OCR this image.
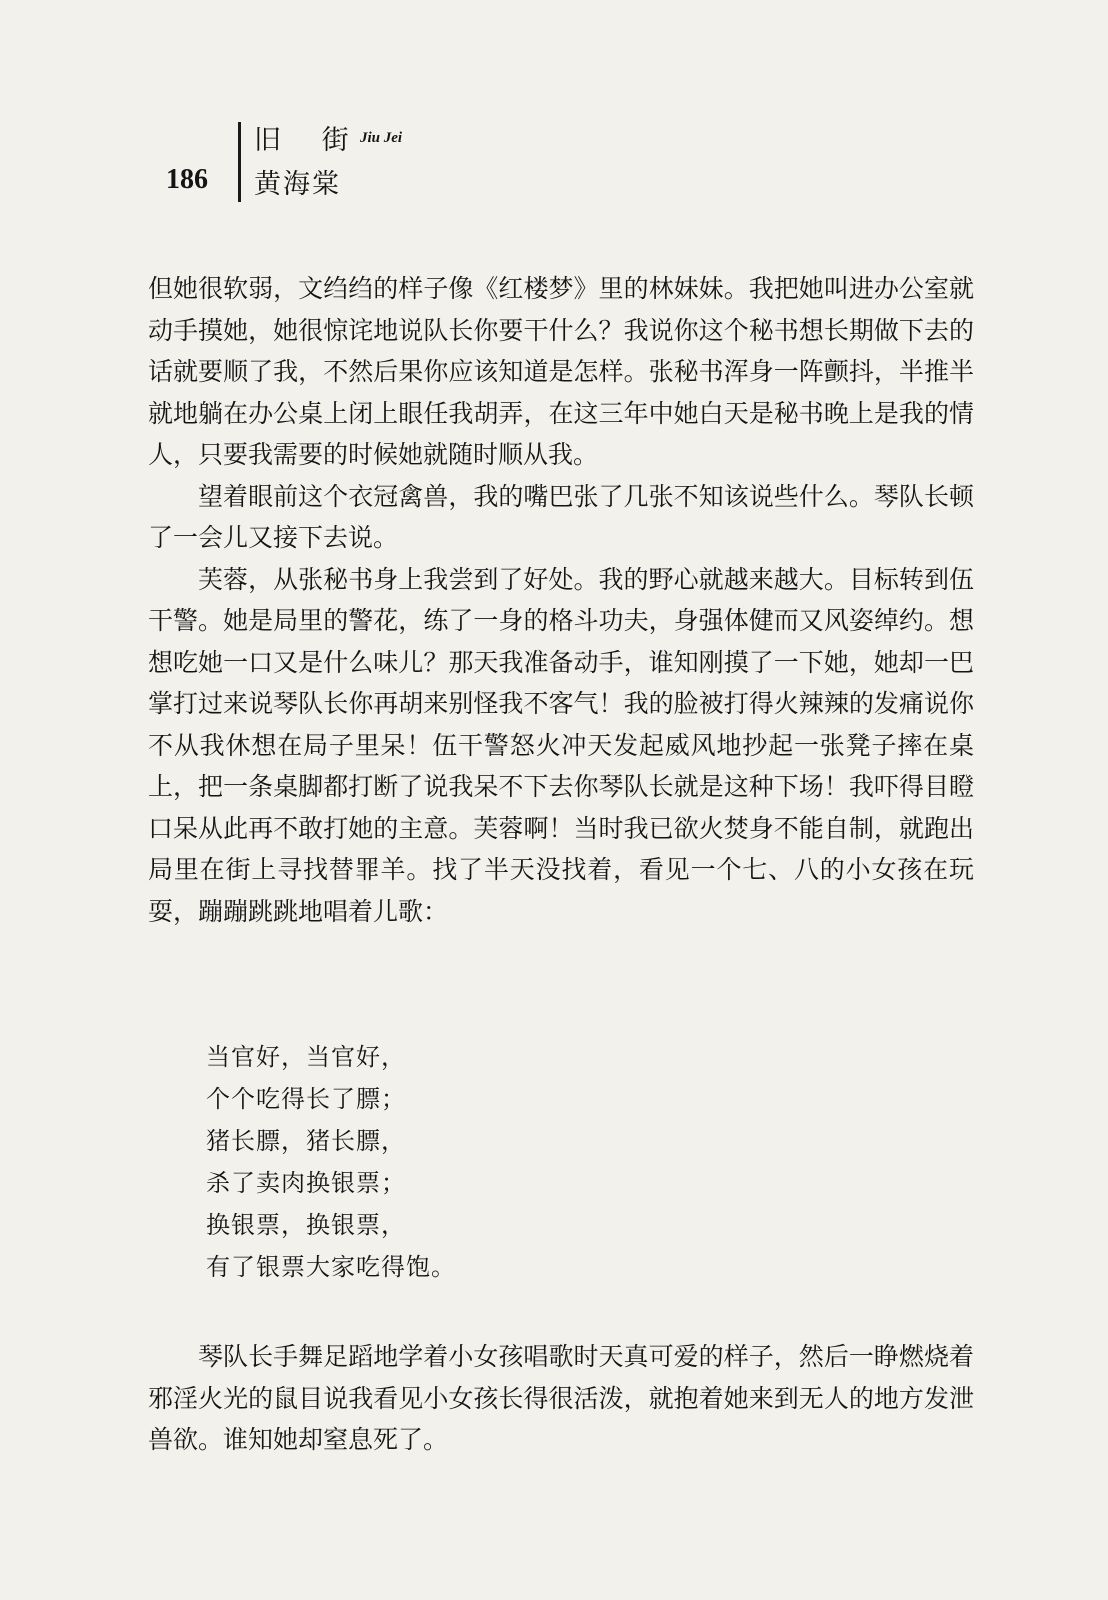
186
旧 街
Jiu Jei
黄海棠

但她很软弱，文绉绉的样子像《红楼梦》里的林妹妹。我把她叫进办公室就动手摸她，她很惊诧地说队长你要干什么？我说你这个秘书想长期做下去的话就要顺了我，不然后果你应该知道是怎样。张秘书浑身一阵颤抖，半推半就地躺在办公桌上闭上眼任我胡弄，在这三年中她白天是秘书晚上是我的情人，只要我需要的时候她就随时顺从我。

望着眼前这个衣冠禽兽，我的嘴巴张了几张不知该说些什么。琴队长顿了一会儿又接下去说。

芙蓉，从张秘书身上我尝到了好处。我的野心就越来越大。目标转到伍干警。她是局里的警花，练了一身的格斗功夫，身强体健而又风姿绰约。想想吃她一口又是什么味儿？那天我准备动手，谁知刚摸了一下她，她却一巴掌打过来说琴队长你再胡来别怪我不客气！我的脸被打得火辣辣的发痛说你不从我休想在局子里呆！伍干警怒火冲天发起威风地抄起一张凳子摔在桌上，把一条桌脚都打断了说我呆不下去你琴队长就是这种下场！我吓得目瞪口呆从此再不敢打她的主意。芙蓉啊！当时我已欲火焚身不能自制，就跑出局里在街上寻找替罪羊。找了半天没找着，看见一个七、八的小女孩在玩耍，蹦蹦跳跳地唱着儿歌：

当官好，当官好，
个个吃得长了膘；
猪长膘，猪长膘，
杀了卖肉换银票；
换银票，换银票，
有了银票大家吃得饱。

琴队长手舞足蹈地学着小女孩唱歌时天真可爱的样子，然后一睁燃烧着邪淫火光的鼠目说我看见小女孩长得很活泼，就抱着她来到无人的地方发泄兽欲。谁知她却窒息死了。
